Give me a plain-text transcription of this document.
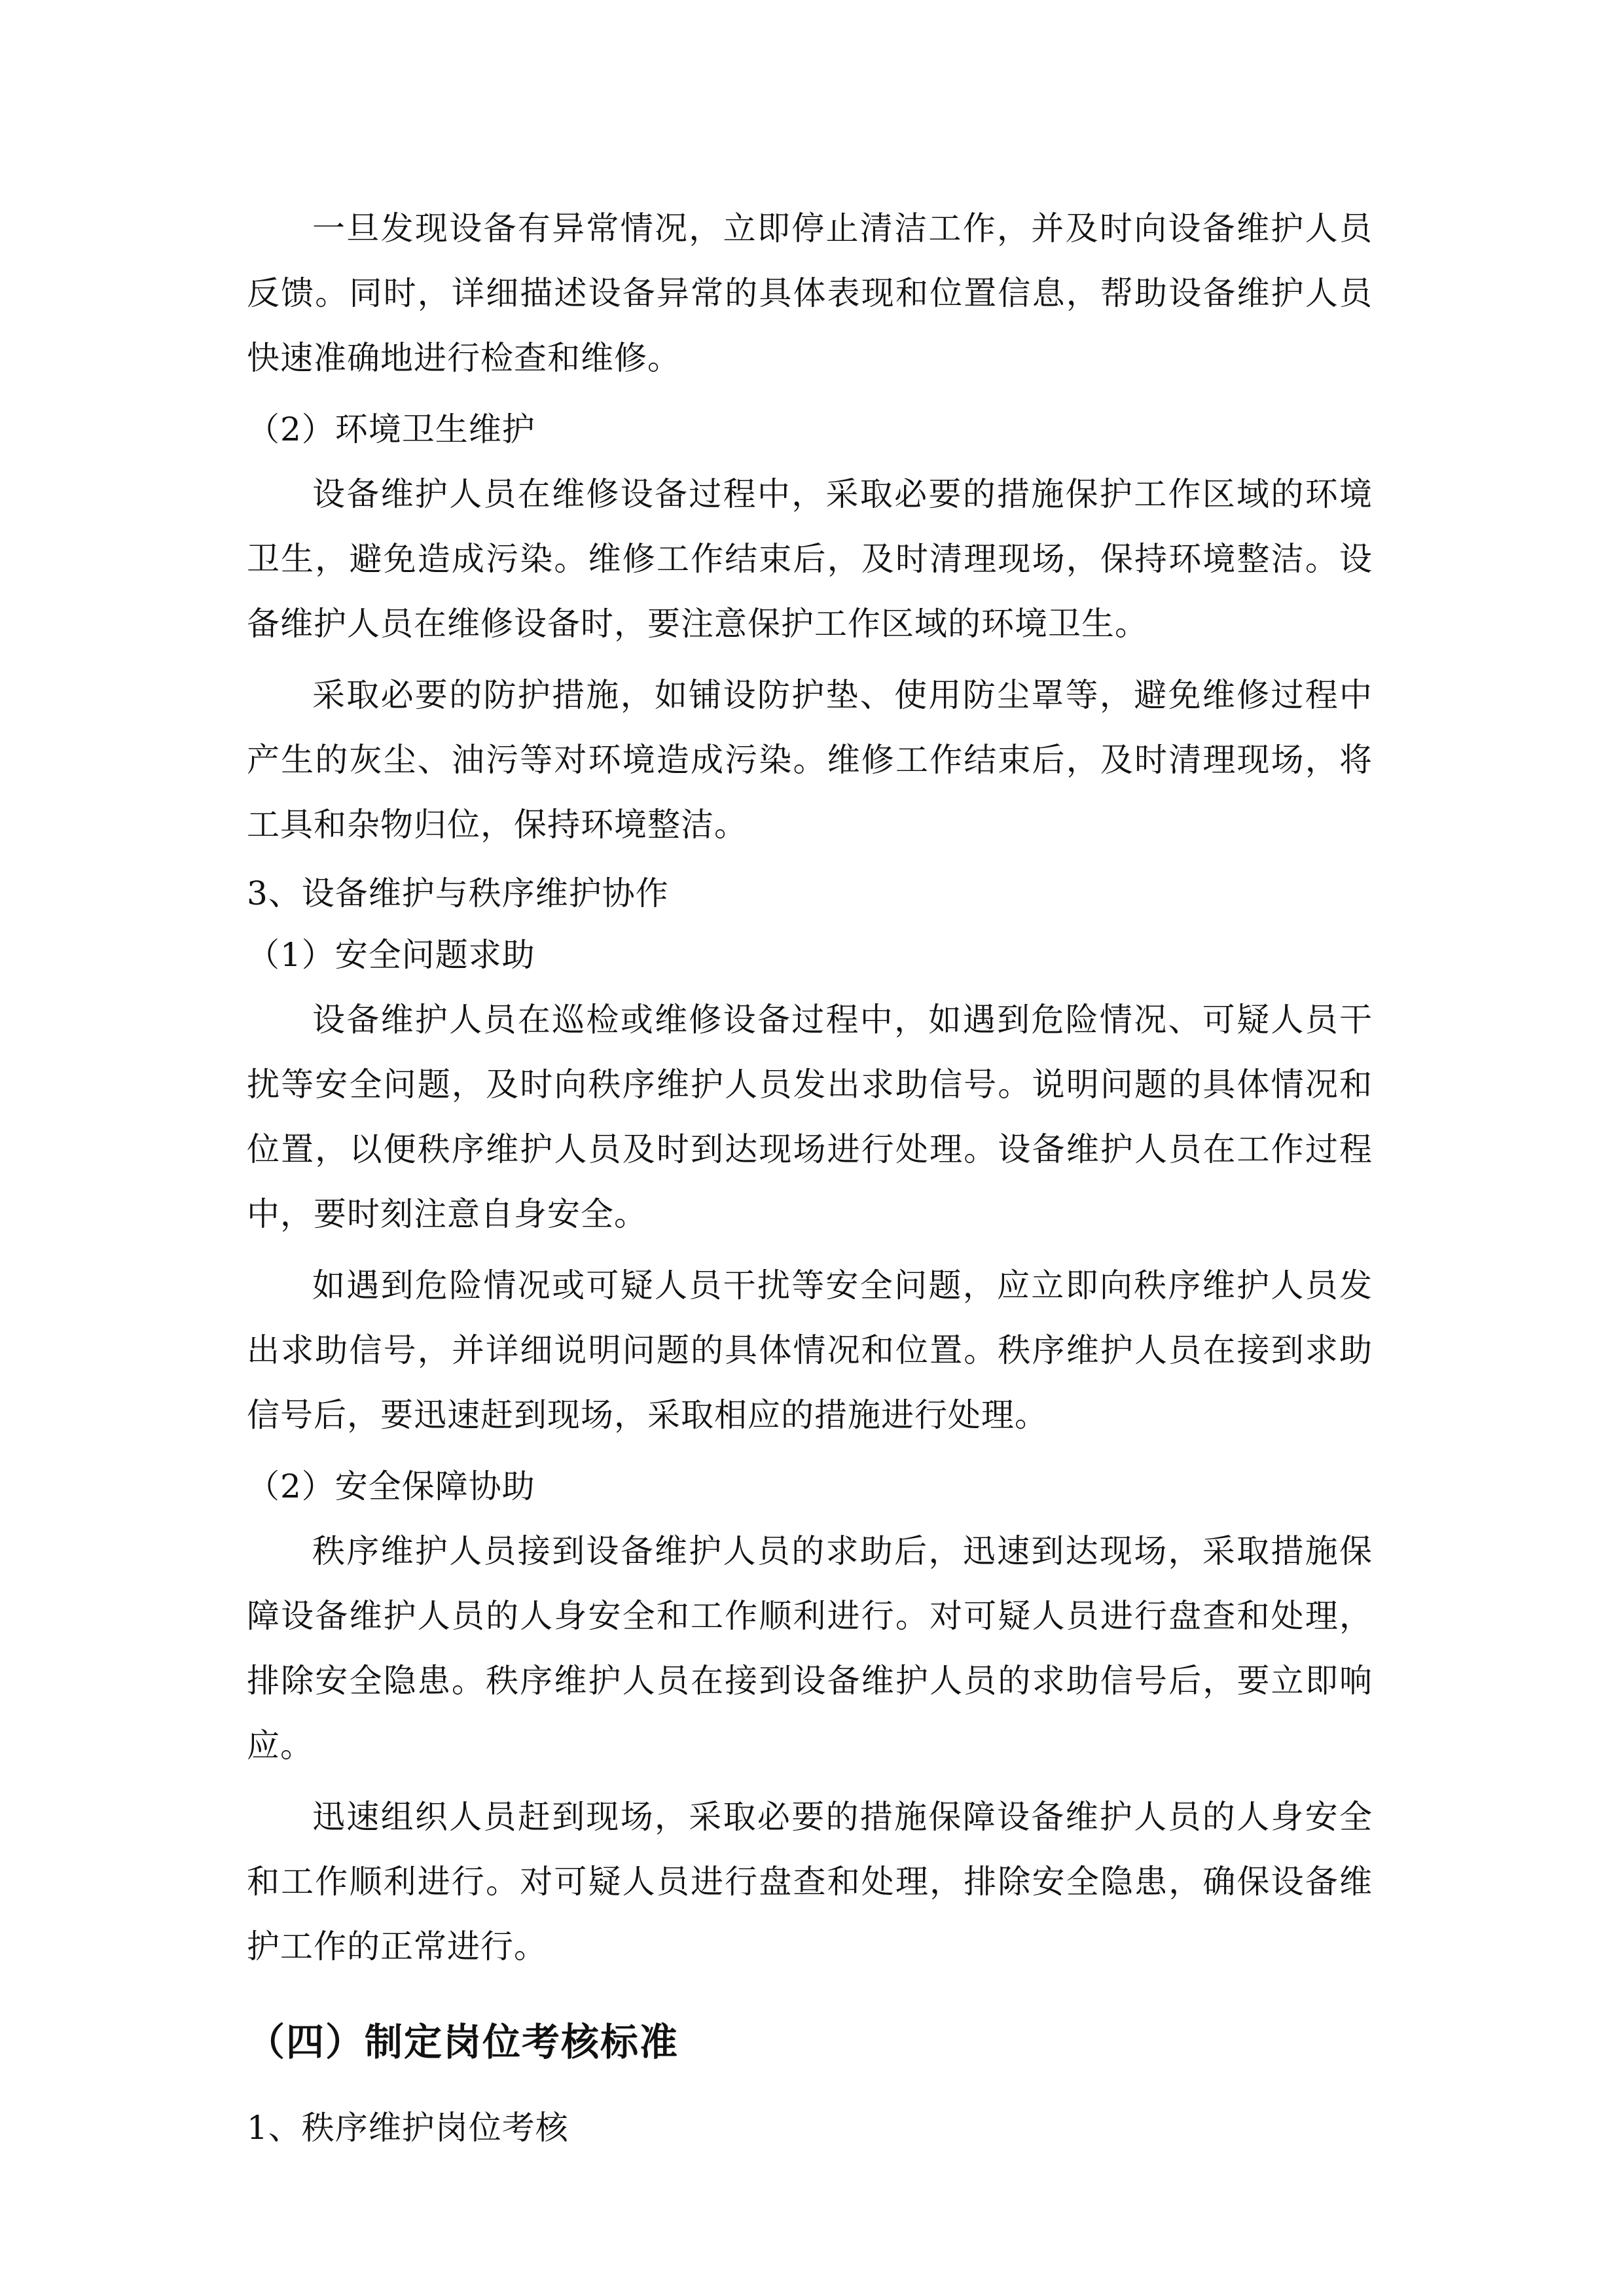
一旦发现设备有异常情况，立即停止清洁工作，并及时向设备维护人员反馈。同时，详细描述设备异常的具体表现和位置信息，帮助设备维护人员快速准确地进行检查和维修。

（2）环境卫生维护

设备维护人员在维修设备过程中，采取必要的措施保护工作区域的环境卫生，避免造成污染。维修工作结束后，及时清理现场，保持环境整洁。设备维护人员在维修设备时，要注意保护工作区域的环境卫生。

采取必要的防护措施，如铺设防护垫、使用防尘罩等，避免维修过程中产生的灰尘、油污等对环境造成污染。维修工作结束后，及时清理现场，将工具和杂物归位，保持环境整洁。

3、设备维护与秩序维护协作

（1）安全问题求助

设备维护人员在巡检或维修设备过程中，如遇到危险情况、可疑人员干扰等安全问题，及时向秩序维护人员发出求助信号。说明问题的具体情况和位置，以便秩序维护人员及时到达现场进行处理。设备维护人员在工作过程中，要时刻注意自身安全。

如遇到危险情况或可疑人员干扰等安全问题，应立即向秩序维护人员发出求助信号，并详细说明问题的具体情况和位置。秩序维护人员在接到求助信号后，要迅速赶到现场，采取相应的措施进行处理。

（2）安全保障协助

秩序维护人员接到设备维护人员的求助后，迅速到达现场，采取措施保障设备维护人员的人身安全和工作顺利进行。对可疑人员进行盘查和处理，排除安全隐患。秩序维护人员在接到设备维护人员的求助信号后，要立即响应。

迅速组织人员赶到现场，采取必要的措施保障设备维护人员的人身安全和工作顺利进行。对可疑人员进行盘查和处理，排除安全隐患，确保设备维护工作的正常进行。

（四）制定岗位考核标准

1、秩序维护岗位考核
